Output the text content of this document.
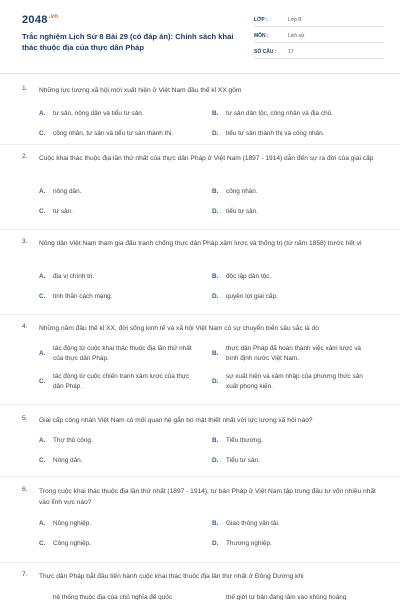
$2048^{.vn}$
Trắc nghiệm Lịch Sử 8 Bài 29 (có đáp án): Chính sách khai thác thuộc địa của thực dân Pháp
LỚP :	Lớp 8
MÔN :	Lịch sử
SỐ CÂU :	17
1. Những lực lượng xã hội mới xuất hiện ở Việt Nam đầu thế kỉ XX gồm
A.	tư sản, nông dân và tiểu tư sản.	B.	tư sản dân tộc, công nhân và địa chủ.
C.	công nhân, tư sản và tiểu tư sản thành thị.	D.	tiểu tư sản thành thị và công nhân.
2. Cuộc khai thác thuộc địa lần thứ nhất của thực dân Pháp ở Việt Nam (1897 - 1914) dẫn đến sự ra đời của giai cấp
A.	nông dân.	B.	công nhân.
C.	tư sản.	D.	tiểu tư sản.
3. Nông dân Việt Nam tham gia đấu tranh chống thực dân Pháp xâm lược và thống trị (từ năm 1858) trước hết vì
A.	địa vị chính trị.	B.	độc lập dân tộc.
C.	tinh thần cách mạng.	D.	quyền lợi giai cấp.
4. Những năm đầu thế kỉ XX, đời sống kinh tế và xã hội Việt Nam có sự chuyển biến sâu sắc là do
A.
tác động từ cuộc khai thác thuộc địa lần thứ nhất của thực dân Pháp.
B.
thực dân Pháp đã hoàn thành việc xâm lược và bình định nước Việt Nam.
C.
tác động từ cuộc chiến tranh xâm lược của thực dân Pháp.
D.
sự xuất hiện và xâm nhập của phương thức sản xuất phong kiến.
5. Giai cấp công nhân Việt Nam có mối quan hệ gắn bó mật thiết nhất với lực lượng xã hội nào?
A.	Thợ thủ công.	B.	Tiểu thương.
C.	Nông dân.	D.	Tiểu tư sản.
6. Trong cuộc khai thác thuộc địa lần thứ nhất (1897 - 1914), tư bản Pháp ở Việt Nam tập trung đầu tư vốn nhiều nhất vào lĩnh vực nào?
A.	Nông nghiệp.	B.	Giao thông vận tải.
C.	Công nghiệp.	D.	Thương nghiệp.
7. Thực dân Pháp bắt đầu tiến hành cuộc khai thác thuộc địa lần thứ nhất ở Đông Dương khi
hệ thống thuộc địa của chủ nghĩa đế quốc	thế giới tư bản đang lâm vào khủng hoảng
